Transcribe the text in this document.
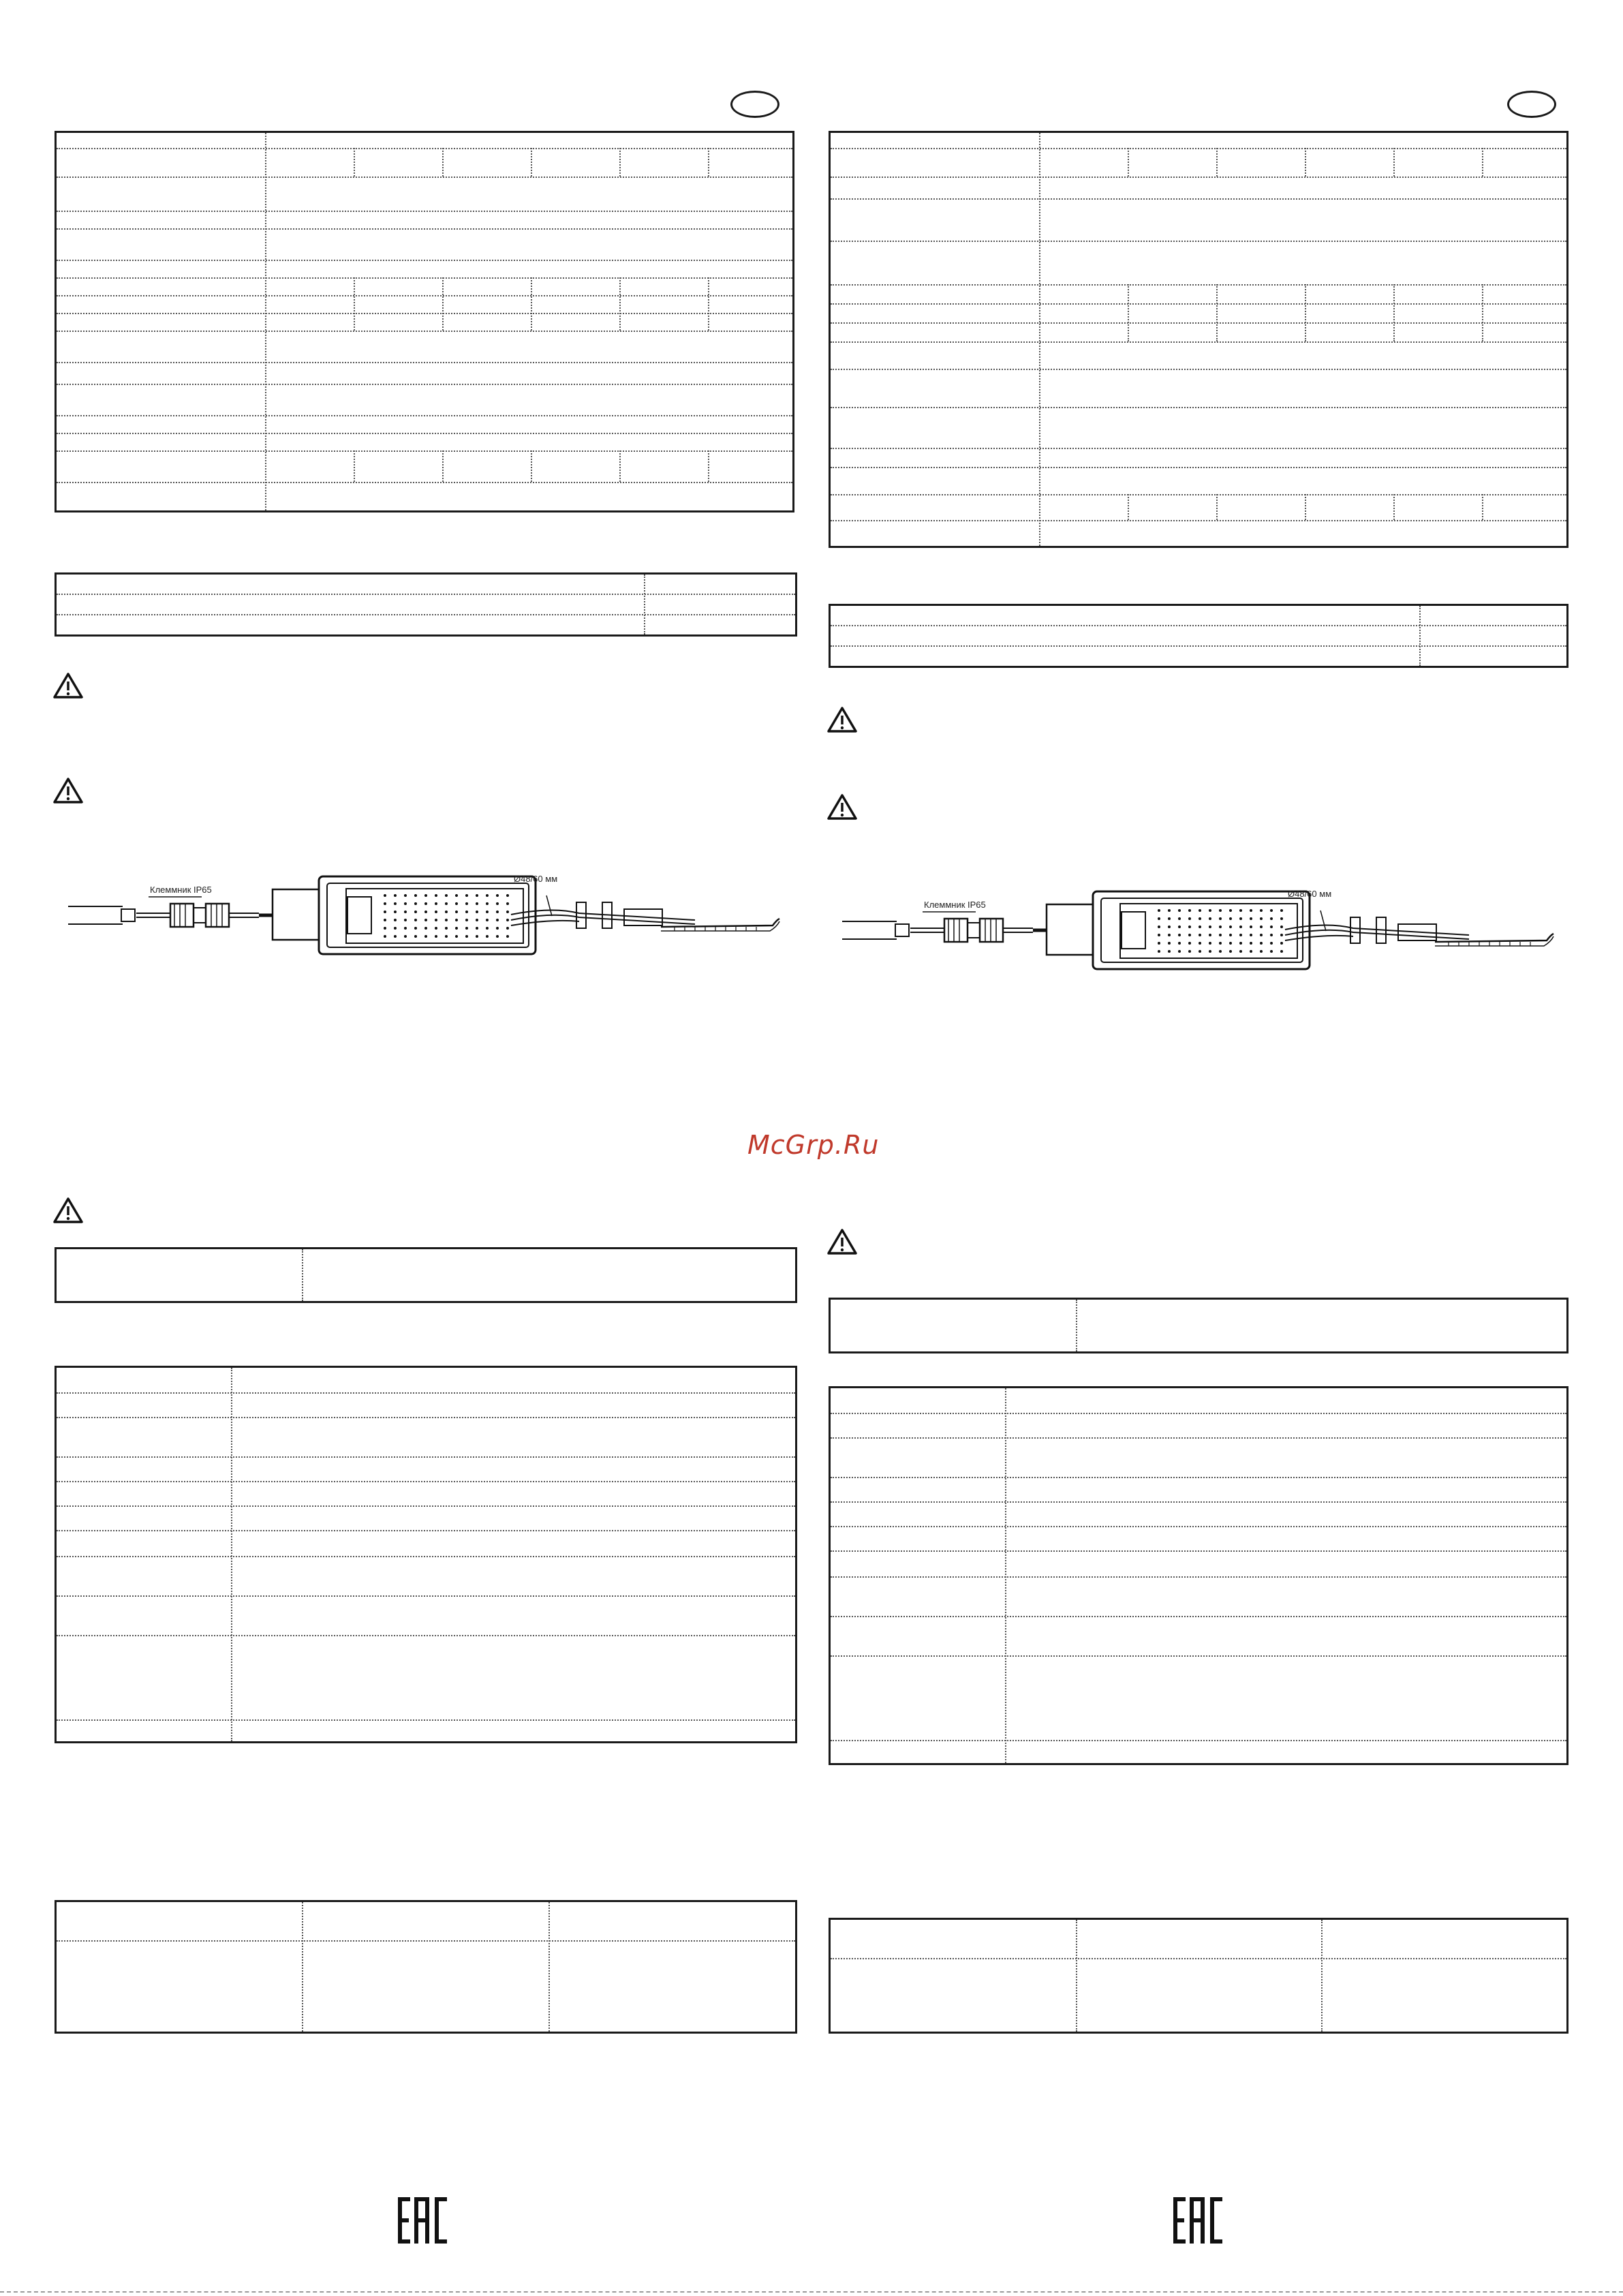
Клеммник IP65
Ø48/60 мм
McGrp.Ru
Клеммник IP65
Ø48/60 мм
